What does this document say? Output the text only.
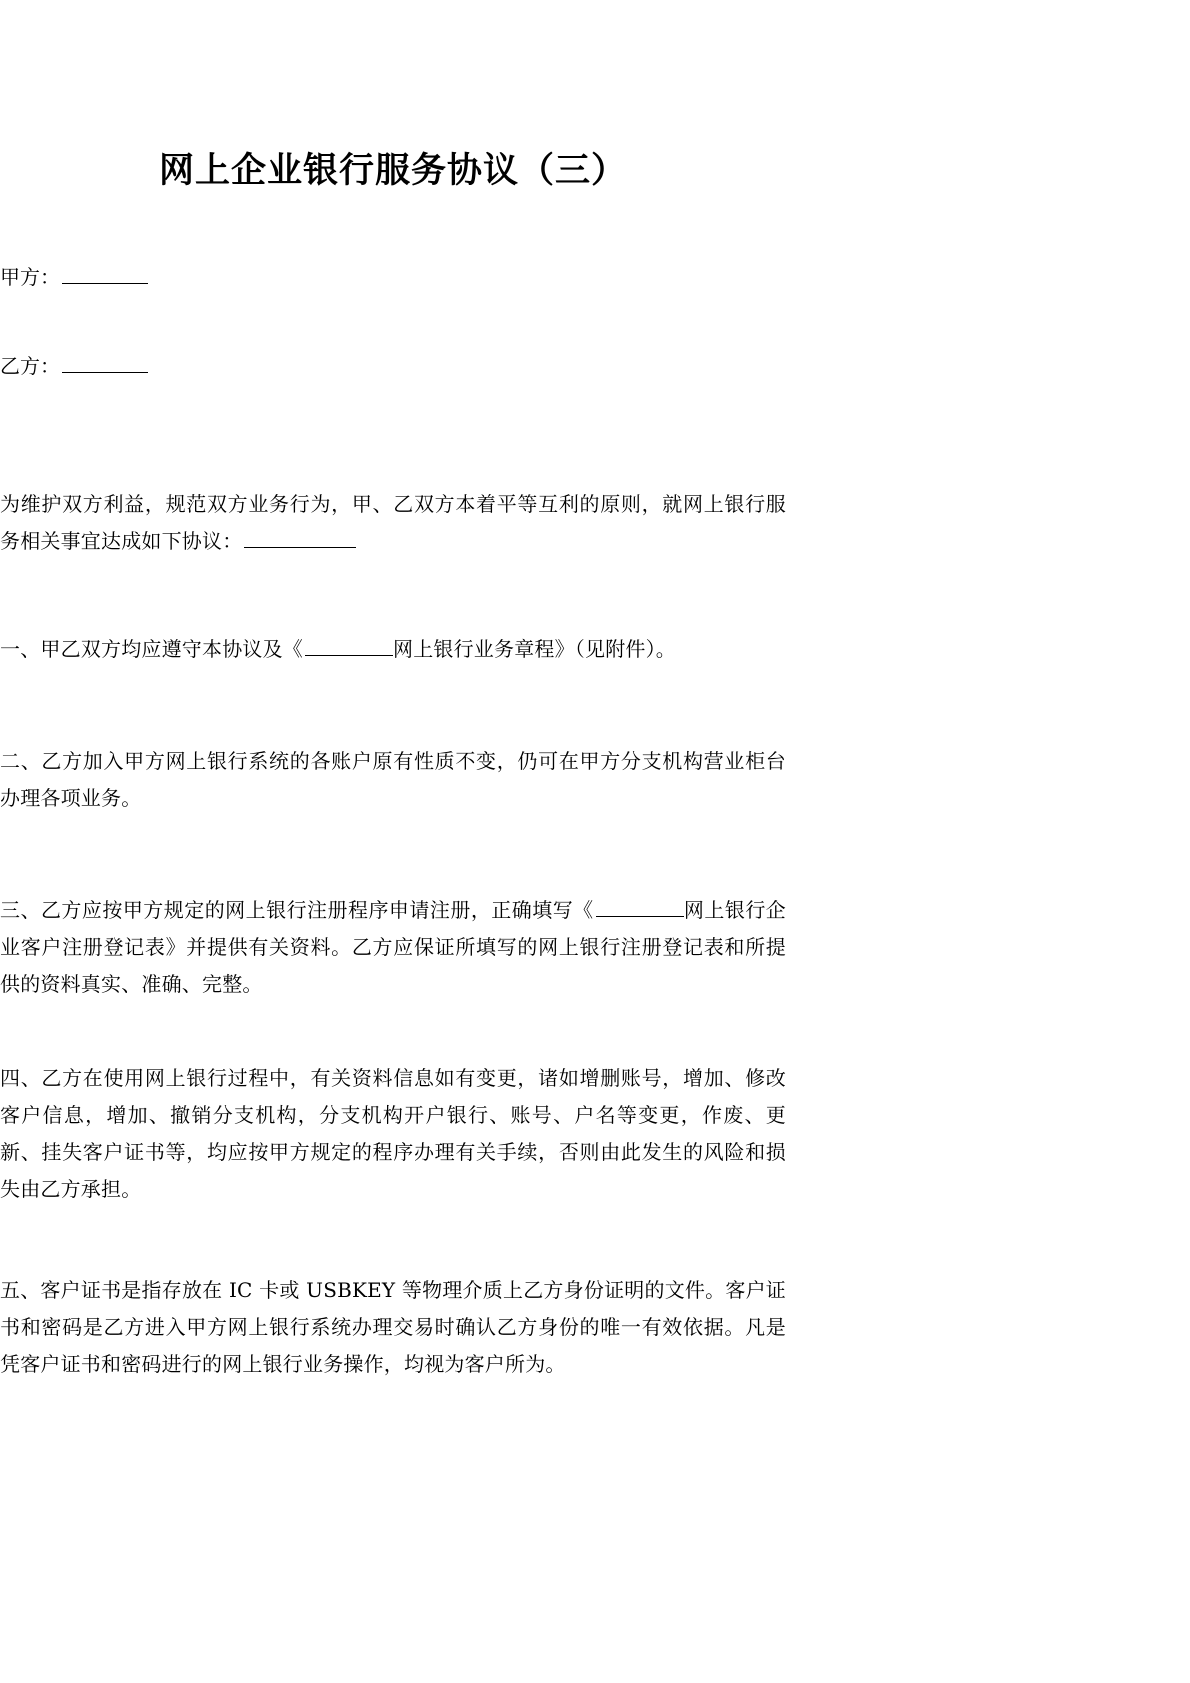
网上企业银行服务协议（三）
甲方：
乙方：

为维护双方利益，规范双方业务行为，甲、乙双方本着平等互利的原则，就网上银行服务相关事宜达成如下协议：

一、甲乙双方均应遵守本协议及《	网上银行业务章程》（见附件）。

二、乙方加入甲方网上银行系统的各账户原有性质不变，仍可在甲方分支机构营业柜台办理各项业务。

三、乙方应按甲方规定的网上银行注册程序申请注册，正确填写《	网上银行企业客户注册登记表》并提供有关资料。乙方应保证所填写的网上银行注册登记表和所提供的资料真实、准确、完整。

四、乙方在使用网上银行过程中，有关资料信息如有变更，诸如增删账号，增加、修改客户信息，增加、撤销分支机构，分支机构开户银行、账号、户名等变更，作废、更新、挂失客户证书等，均应按甲方规定的程序办理有关手续，否则由此发生的风险和损失由乙方承担。

五、客户证书是指存放在 IC 卡或 USBKEY 等物理介质上乙方身份证明的文件。客户证书和密码是乙方进入甲方网上银行系统办理交易时确认乙方身份的唯一有效依据。凡是凭客户证书和密码进行的网上银行业务操作，均视为客户所为。
